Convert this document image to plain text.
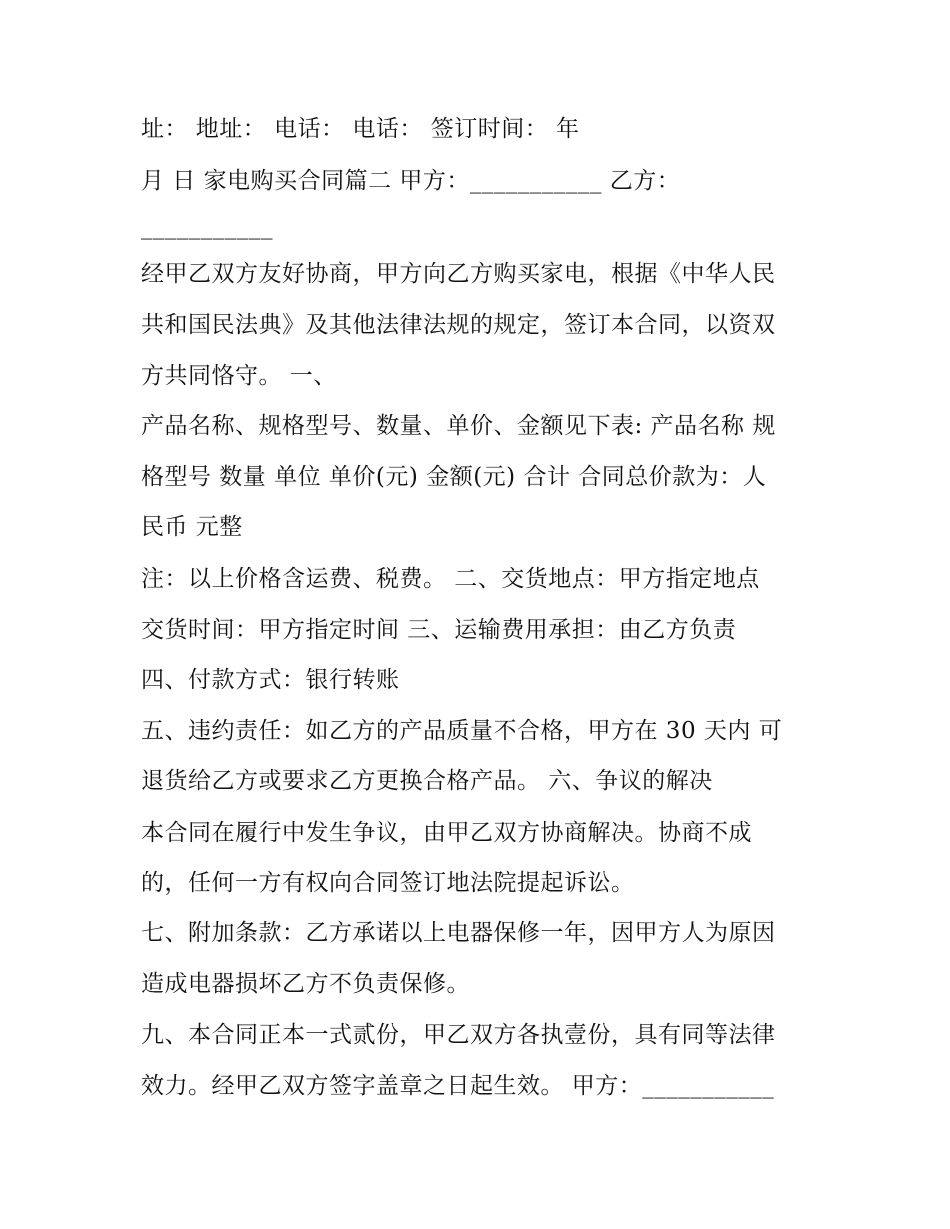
址： 地址： 电话： 电话： 签订时间： 年
月 日 家电购买合同篇二 甲方：___________ 乙方：
___________
经甲乙双方友好协商，甲方向乙方购买家电，根据《中华人民
共和国民法典》及其他法律法规的规定，签订本合同，以资双
方共同恪守。 一、
产品名称、规格型号、数量、单价、金额见下表: 产品名称 规
格型号 数量 单位 单价(元) 金额(元) 合计 合同总价款为：人
民币 元整
注：以上价格含运费、税费。 二、交货地点：甲方指定地点
交货时间：甲方指定时间 三、运输费用承担：由乙方负责
四、付款方式：银行转账
五、违约责任：如乙方的产品质量不合格，甲方在 30 天内 可
退货给乙方或要求乙方更换合格产品。 六、争议的解决
本合同在履行中发生争议，由甲乙双方协商解决。协商不成
的，任何一方有权向合同签订地法院提起诉讼。
七、附加条款：乙方承诺以上电器保修一年，因甲方人为原因
造成电器损坏乙方不负责保修。
九、本合同正本一式贰份，甲乙双方各执壹份，具有同等法律
效力。经甲乙双方签字盖章之日起生效。 甲方：___________
